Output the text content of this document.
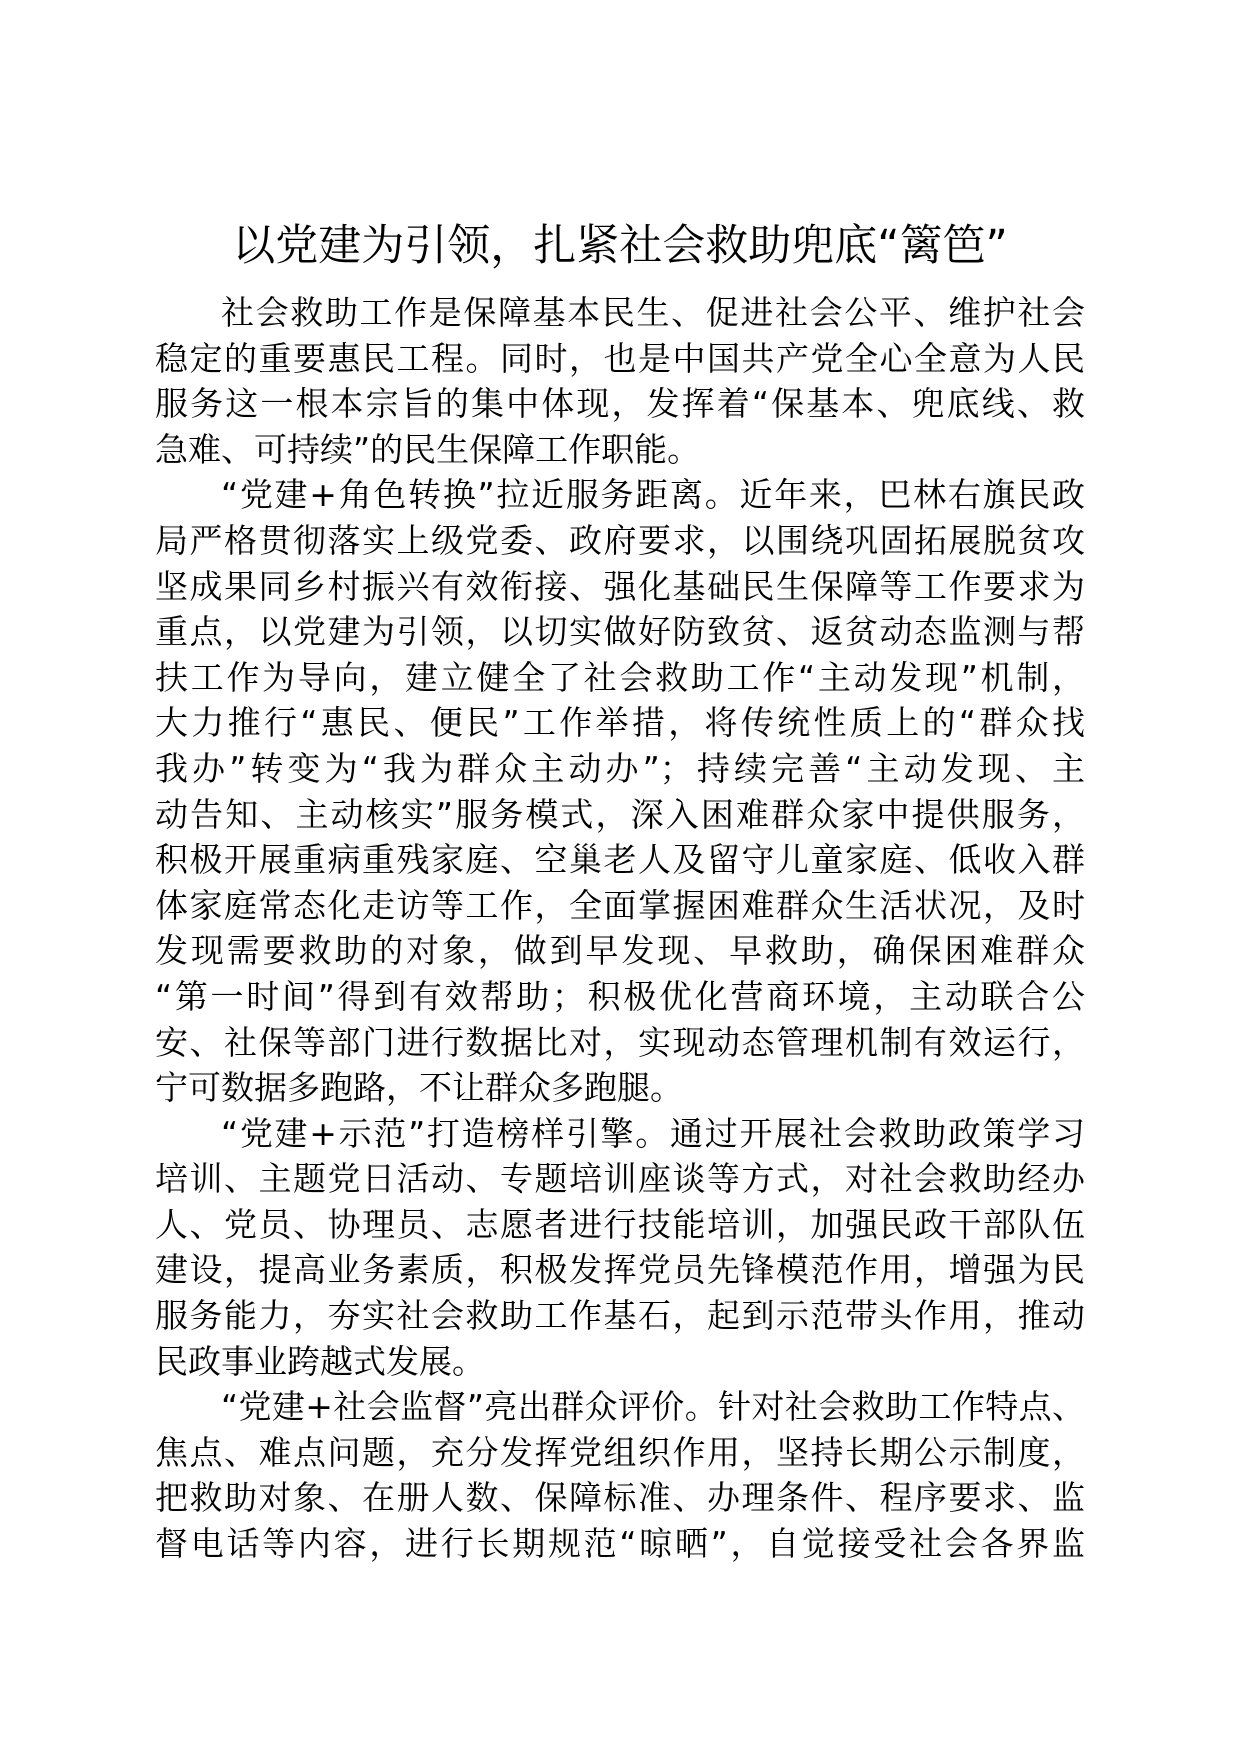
以党建为引领，扎紧社会救助兜底“篱笆”

社会救助工作是保障基本民生、促进社会公平、维护社会
稳定的重要惠民工程。同时，也是中国共产党全心全意为人民
服务这一根本宗旨的集中体现，发挥着“保基本、兜底线、救
急难、可持续”的民生保障工作职能。

“党建+角色转换”拉近服务距离。近年来，巴林右旗民政
局严格贯彻落实上级党委、政府要求，以围绕巩固拓展脱贫攻
坚成果同乡村振兴有效衔接、强化基础民生保障等工作要求为
重点，以党建为引领，以切实做好防致贫、返贫动态监测与帮
扶工作为导向，建立健全了社会救助工作“主动发现”机制，
大力推行“惠民、便民”工作举措，将传统性质上的“群众找
我办”转变为“我为群众主动办”；持续完善“主动发现、主
动告知、主动核实”服务模式，深入困难群众家中提供服务，
积极开展重病重残家庭、空巢老人及留守儿童家庭、低收入群
体家庭常态化走访等工作，全面掌握困难群众生活状况，及时
发现需要救助的对象，做到早发现、早救助，确保困难群众
“第一时间”得到有效帮助；积极优化营商环境，主动联合公
安、社保等部门进行数据比对，实现动态管理机制有效运行，
宁可数据多跑路，不让群众多跑腿。

“党建+示范”打造榜样引擎。通过开展社会救助政策学习
培训、主题党日活动、专题培训座谈等方式，对社会救助经办
人、党员、协理员、志愿者进行技能培训，加强民政干部队伍
建设，提高业务素质，积极发挥党员先锋模范作用，增强为民
服务能力，夯实社会救助工作基石，起到示范带头作用，推动
民政事业跨越式发展。

“党建+社会监督”亮出群众评价。针对社会救助工作特点、
焦点、难点问题，充分发挥党组织作用，坚持长期公示制度，
把救助对象、在册人数、保障标准、办理条件、程序要求、监
督电话等内容，进行长期规范“晾晒”，自觉接受社会各界监
